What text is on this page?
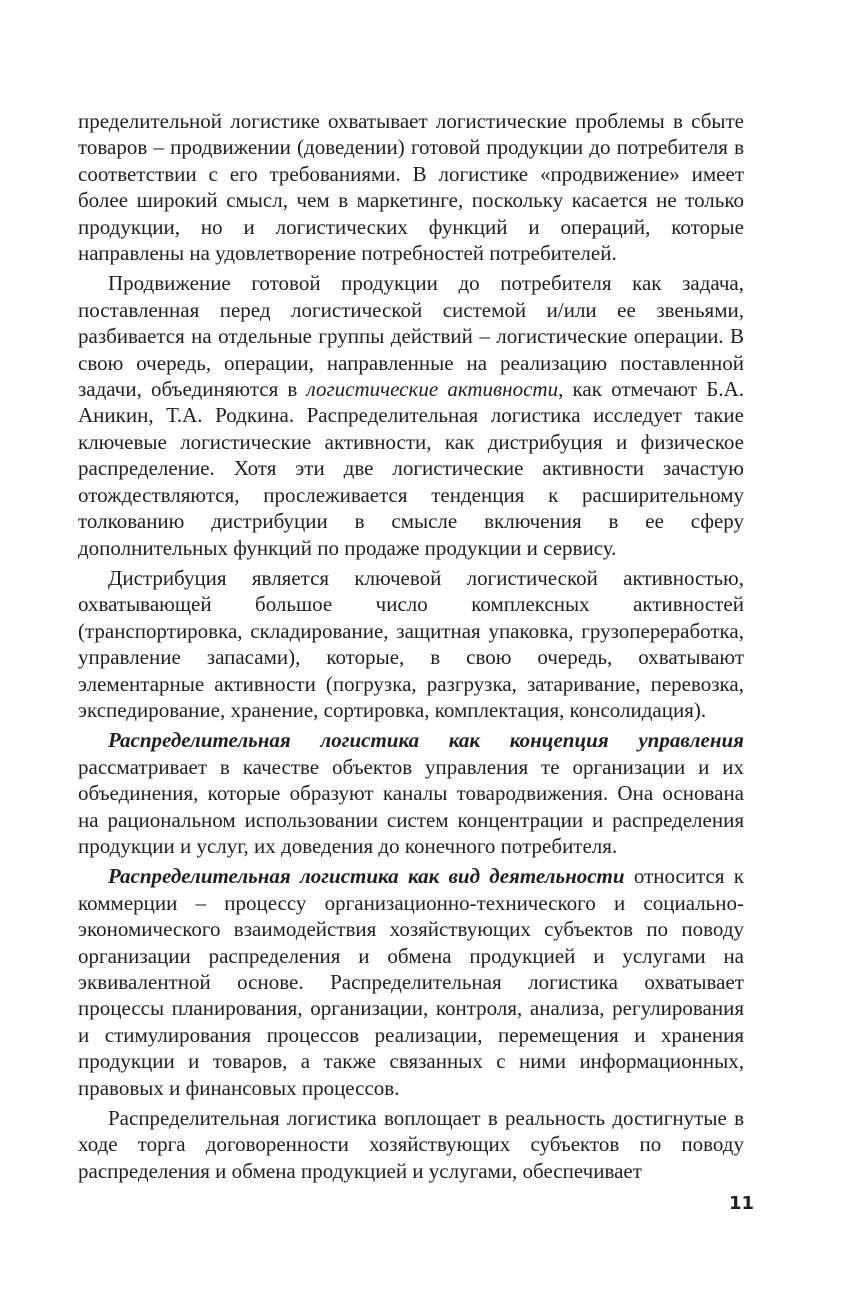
пределительной логистике охватывает логистические проблемы в сбыте товаров – продвижении (доведении) готовой продукции до потребителя в соответствии с его требованиями. В логистике «продвижение» имеет более широкий смысл, чем в маркетинге, поскольку касается не только продукции, но и логистических функций и операций, которые направлены на удовлетворение потребностей потребителей.

Продвижение готовой продукции до потребителя как задача, поставленная перед логистической системой и/или ее звеньями, разбивается на отдельные группы действий – логистические операции. В свою очередь, операции, направленные на реализацию поставленной задачи, объединяются в логистические активности, как отмечают Б.А. Аникин, Т.А. Родкина. Распределительная логистика исследует такие ключевые логистические активности, как дистрибуция и физическое распределение. Хотя эти две логистические активности зачастую отождествляются, прослеживается тенденция к расширительному толкованию дистрибуции в смысле включения в ее сферу дополнительных функций по продаже продукции и сервису.

Дистрибуция является ключевой логистической активностью, охватывающей большое число комплексных активностей (транспортировка, складирование, защитная упаковка, грузопереработка, управление запасами), которые, в свою очередь, охватывают элементарные активности (погрузка, разгрузка, затаривание, перевозка, экспедирование, хранение, сортировка, комплектация, консолидация).

Распределительная логистика как концепция управления рассматривает в качестве объектов управления те организации и их объединения, которые образуют каналы товародвижения. Она основана на рациональном использовании систем концентрации и распределения продукции и услуг, их доведения до конечного потребителя.

Распределительная логистика как вид деятельности относится к коммерции – процессу организационно-технического и социально-экономического взаимодействия хозяйствующих субъектов по поводу организации распределения и обмена продукцией и услугами на эквивалентной основе. Распределительная логистика охватывает процессы планирования, организации, контроля, анализа, регулирования и стимулирования процессов реализации, перемещения и хранения продукции и товаров, а также связанных с ними информационных, правовых и финансовых процессов.

Распределительная логистика воплощает в реальность достигнутые в ходе торга договоренности хозяйствующих субъектов по поводу распределения и обмена продукцией и услугами, обеспечивает

11
